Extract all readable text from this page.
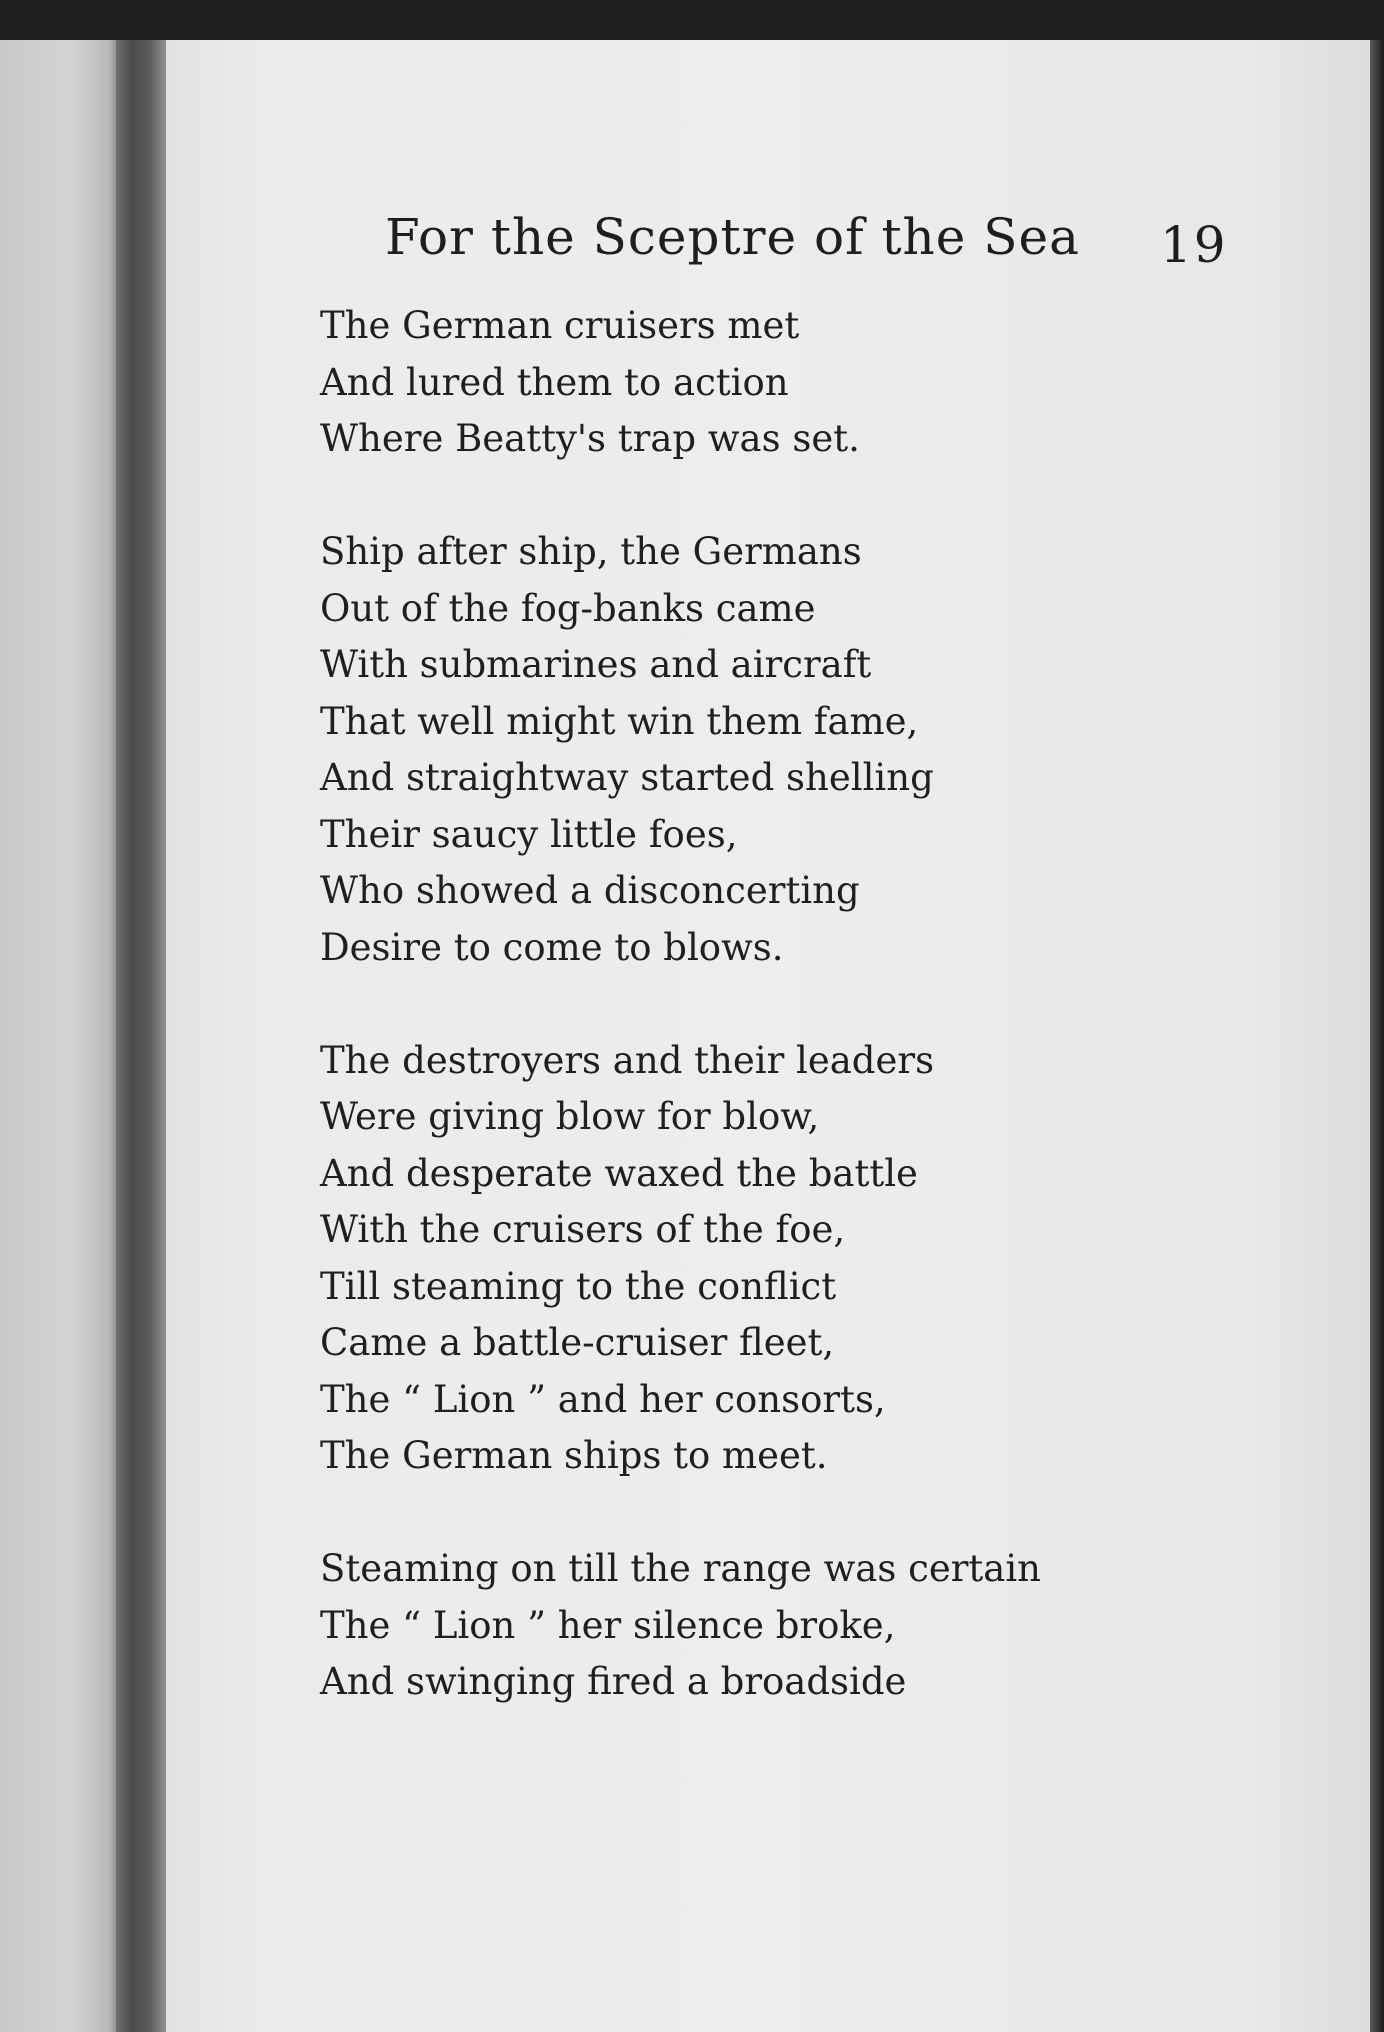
For the Sceptre of the Sea 19
The German cruisers met
And lured them to action
Where Beatty's trap was set.
Ship after ship, the Germans
Out of the fog-banks came
With submarines and aircraft
That well might win them fame,
And straightway started shelling
Their saucy little foes,
Who showed a disconcerting
Desire to come to blows.
The destroyers and their leaders
Were giving blow for blow,
And desperate waxed the battle
With the cruisers of the foe,
Till steaming to the conflict
Came a battle-cruiser fleet,
The “ Lion ” and her consorts,
The German ships to meet.
Steaming on till the range was certain
The “ Lion ” her silence broke,
And swinging fired a broadside
